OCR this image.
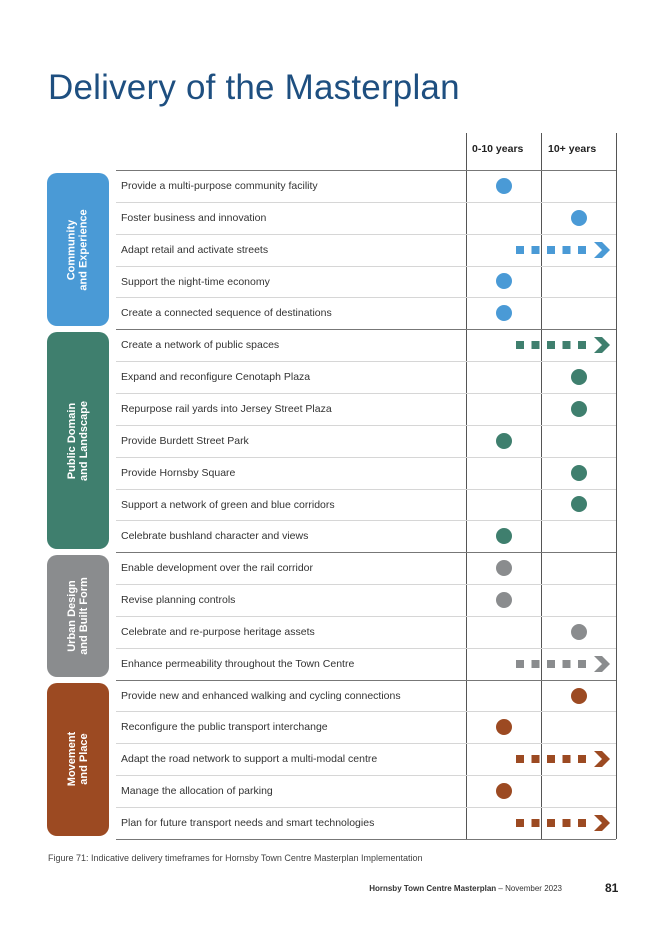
Delivery of the Masterplan
0-10 years 10+ years
Provide a multi-purpose community facility
Foster business and innovation
Adapt retail and activate streets
Support the night-time economy
Create a connected sequence of destinations
Create a network of public spaces
Expand and reconfigure Cenotaph Plaza
Repurpose rail yards into Jersey Street Plaza
Provide Burdett Street Park
Provide Hornsby Square
Support a network of green and blue corridors
Celebrate bushland character and views
Enable development over the rail corridor
Revise planning controls
Celebrate and re-purpose heritage assets
Enhance permeability throughout the Town Centre
Provide new and enhanced walking and cycling connections
Reconfigure the public transport interchange
Adapt the road network to support a multi-modal centre
Manage the allocation of parking
Plan for future transport needs and smart technologies
Community
and Experience
Public Domain
and Landscape
Urban Design
and Built Form
Movement
and Place
Figure 71: Indicative delivery timeframes for Hornsby Town Centre Masterplan Implementation
Hornsby Town Centre Masterplan – November 2023	81
